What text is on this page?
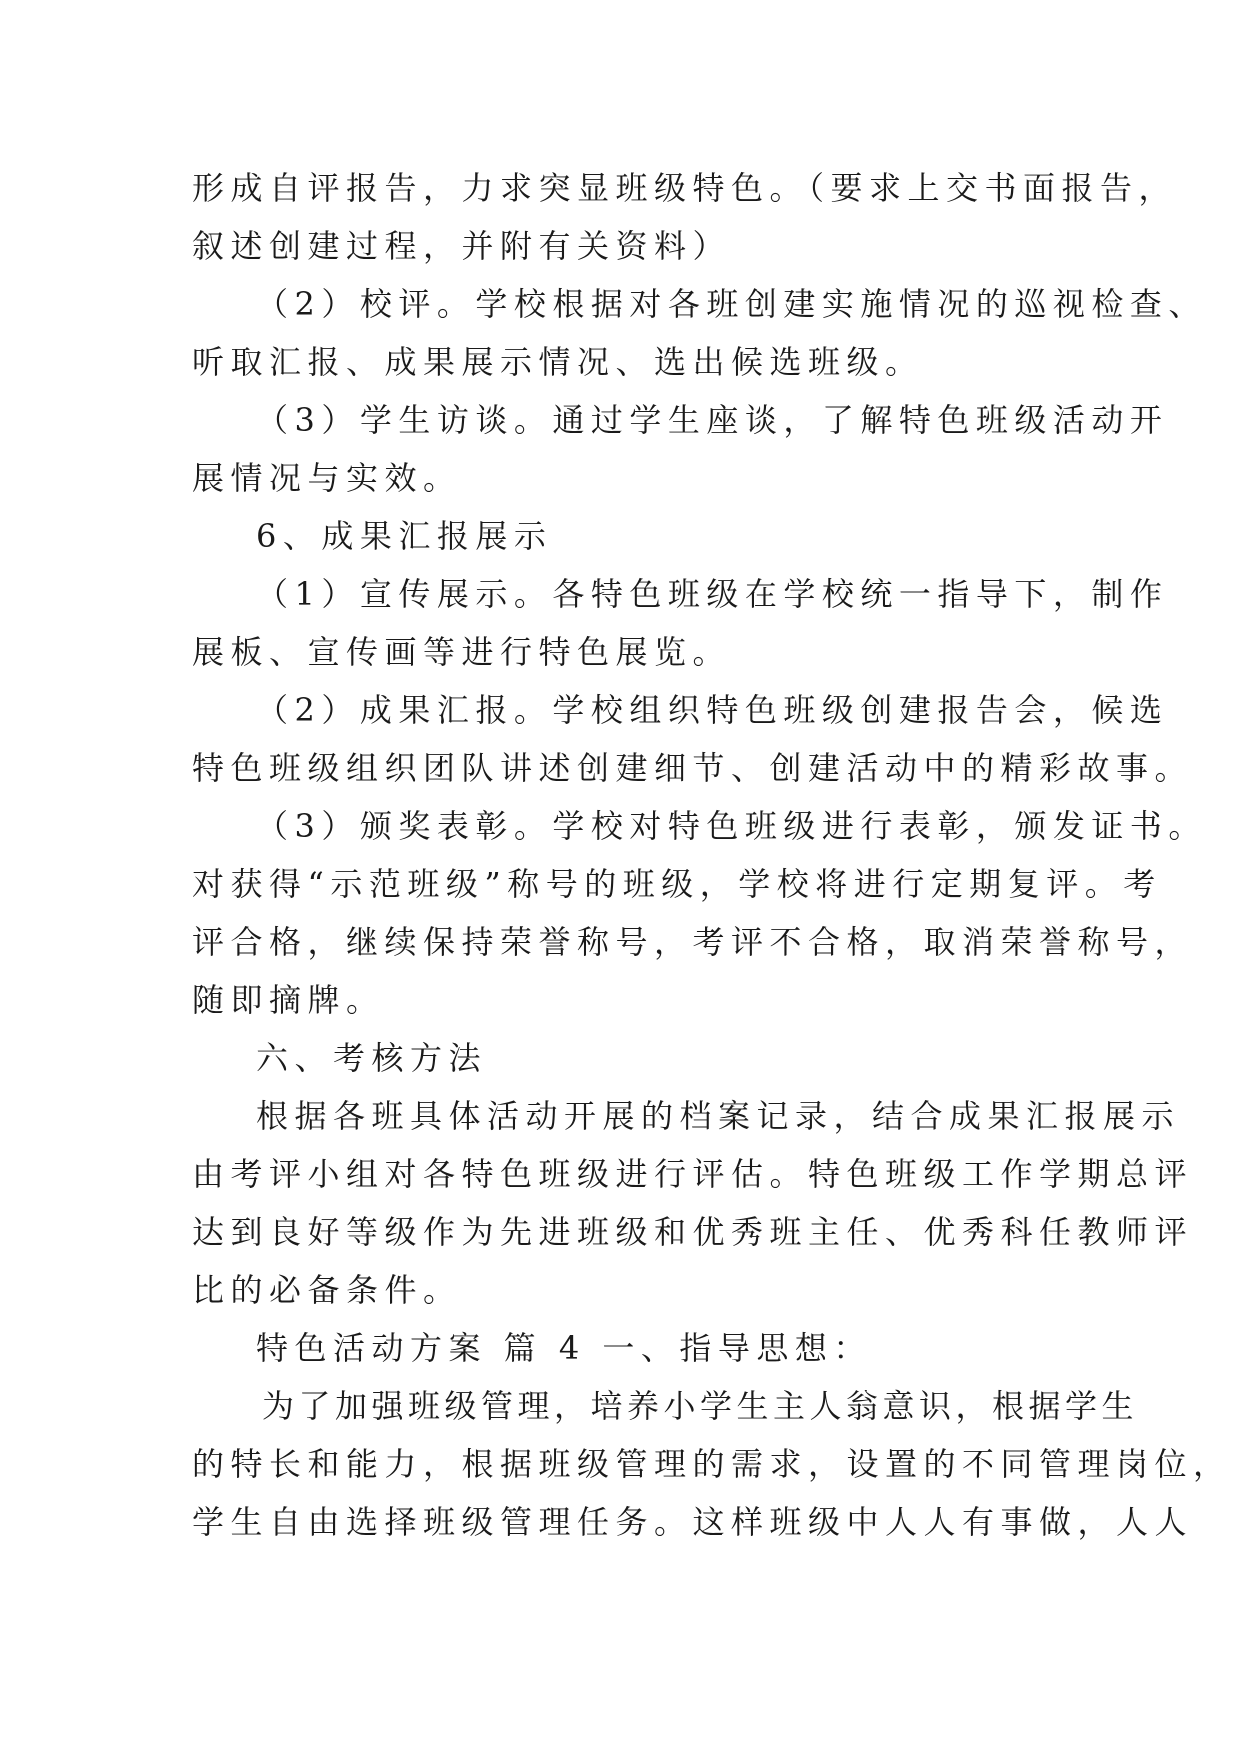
形成自评报告，力求突显班级特色。（要求上交书面报告，
叙述创建过程，并附有关资料）
（2）校评。学校根据对各班创建实施情况的巡视检查、
听取汇报、成果展示情况、选出候选班级。
（3）学生访谈。通过学生座谈，了解特色班级活动开
展情况与实效。
6、成果汇报展示
（1）宣传展示。各特色班级在学校统一指导下，制作
展板、宣传画等进行特色展览。
（2）成果汇报。学校组织特色班级创建报告会，候选
特色班级组织团队讲述创建细节、创建活动中的精彩故事。
（3）颁奖表彰。学校对特色班级进行表彰，颁发证书。
对获得“示范班级”称号的班级，学校将进行定期复评。考
评合格，继续保持荣誉称号，考评不合格，取消荣誉称号，
随即摘牌。
六、考核方法
根据各班具体活动开展的档案记录，结合成果汇报展示
由考评小组对各特色班级进行评估。特色班级工作学期总评
达到良好等级作为先进班级和优秀班主任、优秀科任教师评
比的必备条件。
特色活动方案 篇 4 一、指导思想：
为了加强班级管理，培养小学生主人翁意识，根据学生
的特长和能力，根据班级管理的需求，设置的不同管理岗位，
学生自由选择班级管理任务。这样班级中人人有事做，人人
